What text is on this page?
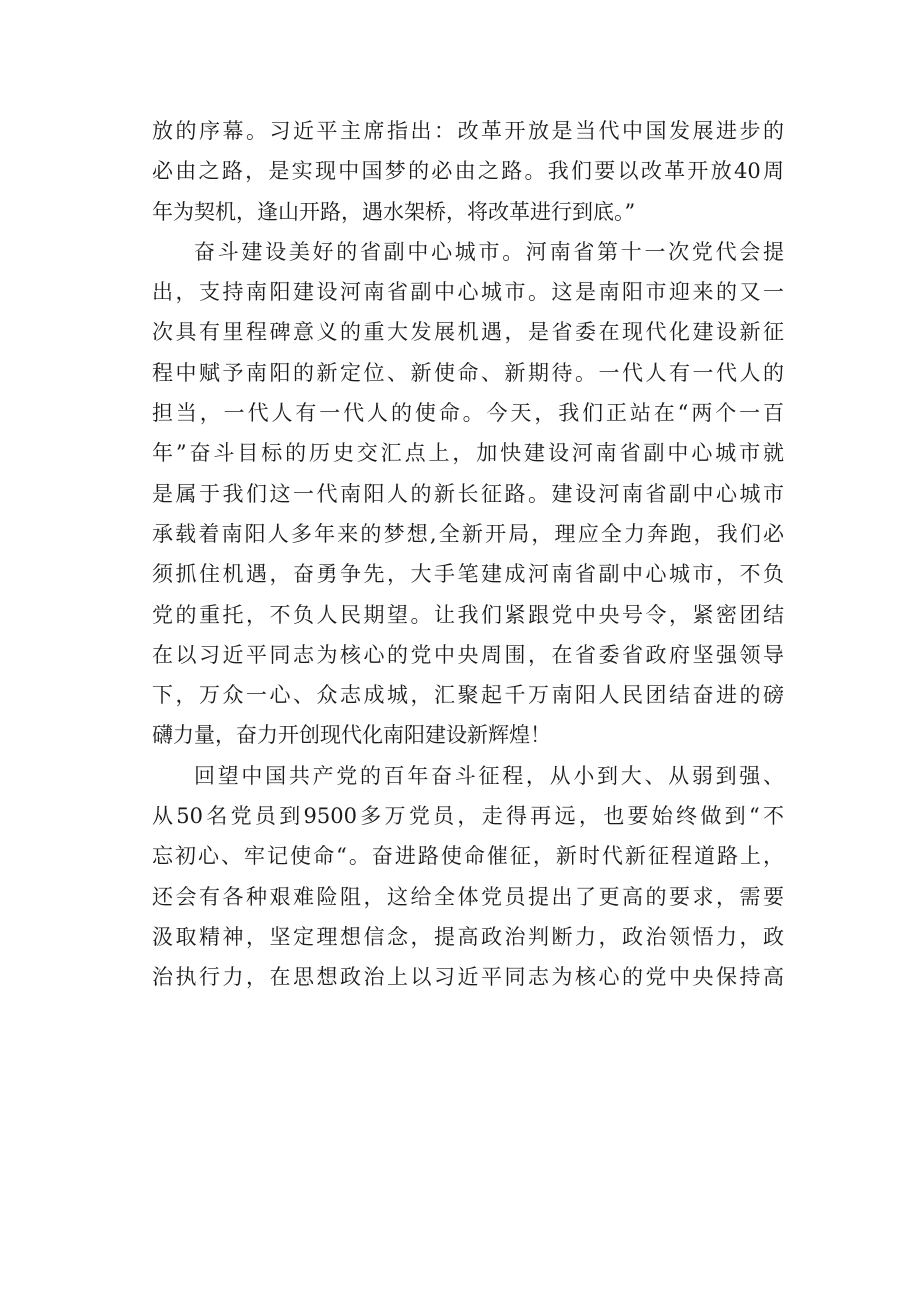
放的序幕。习近平主席指出：改革开放是当代中国发展进步的
必由之路，是实现中国梦的必由之路。我们要以改革开放40周
年为契机，逢山开路，遇水架桥，将改革进行到底。”

奋斗建设美好的省副中心城市。河南省第十一次党代会提
出，支持南阳建设河南省副中心城市。这是南阳市迎来的又一
次具有里程碑意义的重大发展机遇，是省委在现代化建设新征
程中赋予南阳的新定位、新使命、新期待。一代人有一代人的
担当，一代人有一代人的使命。今天，我们正站在“两个一百
年”奋斗目标的历史交汇点上，加快建设河南省副中心城市就
是属于我们这一代南阳人的新长征路。建设河南省副中心城市
承载着南阳人多年来的梦想,全新开局，理应全力奔跑，我们必
须抓住机遇，奋勇争先，大手笔建成河南省副中心城市，不负
党的重托，不负人民期望。让我们紧跟党中央号令，紧密团结
在以习近平同志为核心的党中央周围，在省委省政府坚强领导
下，万众一心、众志成城，汇聚起千万南阳人民团结奋进的磅
礴力量，奋力开创现代化南阳建设新辉煌！

回望中国共产党的百年奋斗征程，从小到大、从弱到强、
从50名党员到9500多万党员，走得再远，也要始终做到“不
忘初心、牢记使命“。奋进路使命催征，新时代新征程道路上，
还会有各种艰难险阻，这给全体党员提出了更高的要求，需要
汲取精神，坚定理想信念，提高政治判断力，政治领悟力，政
治执行力，在思想政治上以习近平同志为核心的党中央保持高
